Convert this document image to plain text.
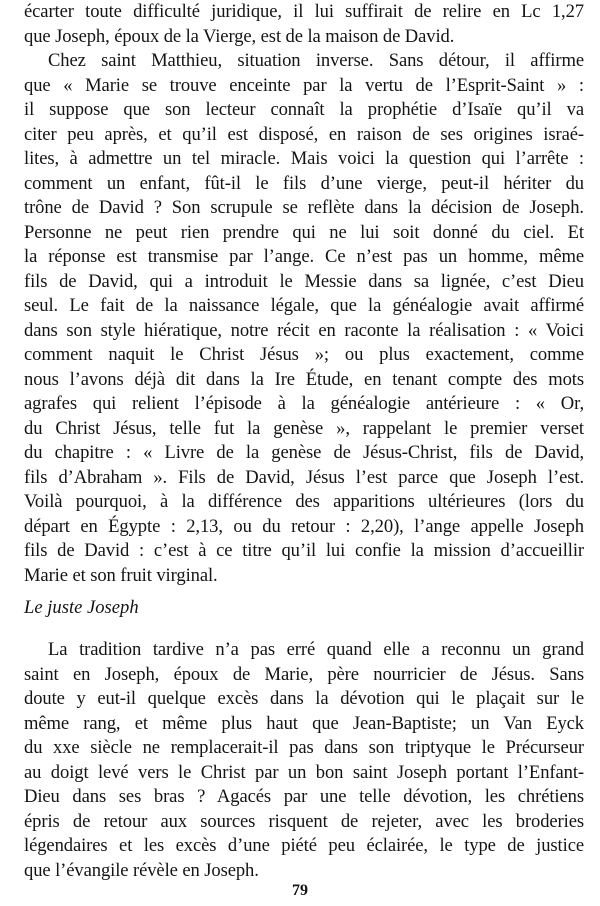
écarter toute difficulté juridique, il lui suffirait de relire en Lc 1,27
que Joseph, époux de la Vierge, est de la maison de David.
Chez saint Matthieu, situation inverse. Sans détour, il affirme
que « Marie se trouve enceinte par la vertu de l’Esprit-Saint » :
il suppose que son lecteur connaît la prophétie d’Isaïe qu’il va
citer peu après, et qu’il est disposé, en raison de ses origines israé-
lites, à admettre un tel miracle. Mais voici la question qui l’arrête :
comment un enfant, fût-il le fils d’une vierge, peut-il hériter du
trône de David ? Son scrupule se reflète dans la décision de Joseph.
Personne ne peut rien prendre qui ne lui soit donné du ciel. Et
la réponse est transmise par l’ange. Ce n’est pas un homme, même
fils de David, qui a introduit le Messie dans sa lignée, c’est Dieu
seul. Le fait de la naissance légale, que la généalogie avait affirmé
dans son style hiératique, notre récit en raconte la réalisation : « Voici
comment naquit le Christ Jésus »; ou plus exactement, comme
nous l’avons déjà dit dans la Ire Étude, en tenant compte des mots
agrafes qui relient l’épisode à la généalogie antérieure : « Or,
du Christ Jésus, telle fut la genèse », rappelant le premier verset
du chapitre : « Livre de la genèse de Jésus-Christ, fils de David,
fils d’Abraham ». Fils de David, Jésus l’est parce que Joseph l’est.
Voilà pourquoi, à la différence des apparitions ultérieures (lors du
départ en Égypte : 2,13, ou du retour : 2,20), l’ange appelle Joseph
fils de David : c’est à ce titre qu’il lui confie la mission d’accueillir
Marie et son fruit virginal.
Le juste Joseph
La tradition tardive n’a pas erré quand elle a reconnu un grand
saint en Joseph, époux de Marie, père nourricier de Jésus. Sans
doute y eut-il quelque excès dans la dévotion qui le plaçait sur le
même rang, et même plus haut que Jean-Baptiste; un Van Eyck
du xxe siècle ne remplacerait-il pas dans son triptyque le Précurseur
au doigt levé vers le Christ par un bon saint Joseph portant l’Enfant-
Dieu dans ses bras ? Agacés par une telle dévotion, les chrétiens
épris de retour aux sources risquent de rejeter, avec les broderies
légendaires et les excès d’une piété peu éclairée, le type de justice
que l’évangile révèle en Joseph.
79
